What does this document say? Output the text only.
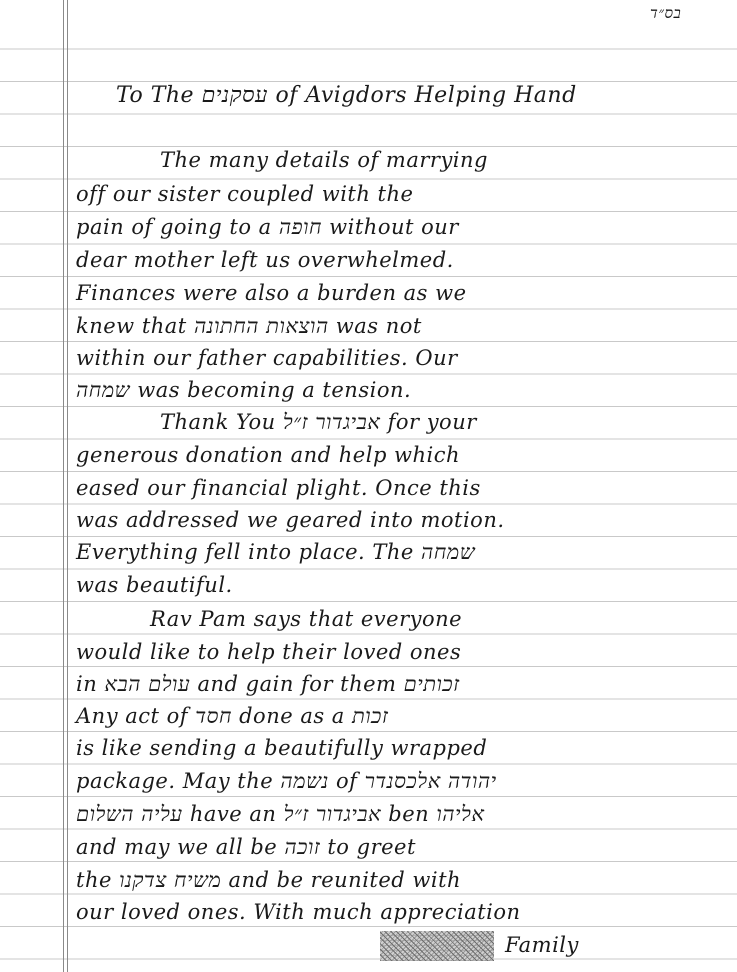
בס״ד

To The עסקנים of Avigdors Helping Hand

The many details of marrying

off our sister coupled with the

pain of going to a חופה without our

dear mother left us overwhelmed.

Finances were also a burden as we

knew that הוצאות החתונה was not

within our father capabilities. Our

שמחה was becoming a tension.

Thank You אביגדור ז״ל for your

generous donation and help which

eased our financial plight. Once this

was addressed we geared into motion.

Everything fell into place. The שמחה

was beautiful.

Rav Pam says that everyone

would like to help their loved ones

in עולם הבא and gain for them זכותים

Any act of חסד done as a זכות

is like sending a beautifully wrapped

package. May the נשמה of יהודה אלכסנדר

עליה השלום have an אביגדור ז״ל ben אליהו

and may we all be זוכה to greet

the משיח צדקנו and be reunited with

our loved ones. With much appreciation

Family
